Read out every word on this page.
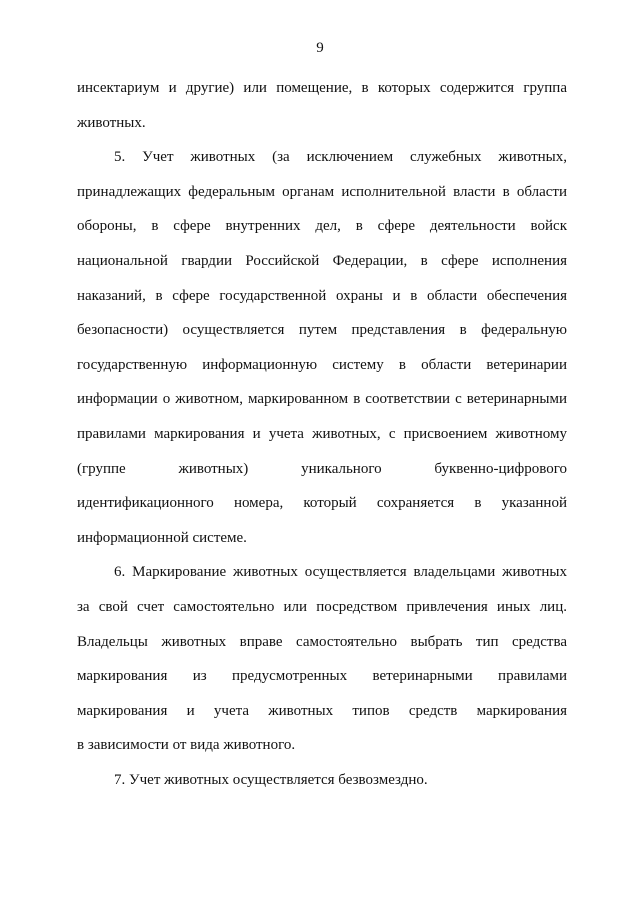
9
инсектариум и другие) или помещение, в которых содержится группа
животных.
5. Учет животных (за исключением служебных животных,
принадлежащих федеральным органам исполнительной власти в области
обороны, в сфере внутренних дел, в сфере деятельности войск
национальной гвардии Российской Федерации, в сфере исполнения
наказаний, в сфере государственной охраны и в области обеспечения
безопасности) осуществляется путем представления в федеральную
государственную информационную систему в области ветеринарии
информации о животном, маркированном в соответствии с ветеринарными
правилами маркирования и учета животных, с присвоением животному
(группе животных) уникального буквенно-цифрового
идентификационного номера, который сохраняется в указанной
информационной системе.
6. Маркирование животных осуществляется владельцами животных
за свой счет самостоятельно или посредством привлечения иных лиц.
Владельцы животных вправе самостоятельно выбрать тип средства
маркирования из предусмотренных ветеринарными правилами
маркирования и учета животных типов средств маркирования
в зависимости от вида животного.
7. Учет животных осуществляется безвозмездно.
